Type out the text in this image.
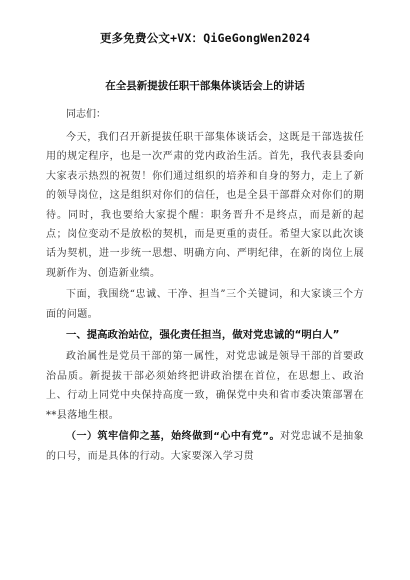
更多免费公文+VX：QiGeGongWen2024
在全县新提拔任职干部集体谈话会上的讲话
同志们：

今天，我们召开新提拔任职干部集体谈话会，这既是干部选拔任用的规定程序，也是一次严肃的党内政治生活。首先，我代表县委向大家表示热烈的祝贺！你们通过组织的培养和自身的努力，走上了新的领导岗位，这是组织对你们的信任，也是全县干部群众对你们的期待。同时，我也要给大家提个醒：职务晋升不是终点，而是新的起点；岗位变动不是放松的契机，而是更重的责任。希望大家以此次谈话为契机，进一步统一思想、明确方向、严明纪律，在新的岗位上展现新作为、创造新业绩。

下面，我围绕“忠诚、干净、担当”三个关键词，和大家谈三个方面的问题。

一、提高政治站位，强化责任担当，做对党忠诚的“明白人”

政治属性是党员干部的第一属性，对党忠诚是领导干部的首要政治品质。新提拔干部必须始终把讲政治摆在首位，在思想上、政治上、行动上同党中央保持高度一致，确保党中央和省市委决策部署在**县落地生根。

（一）筑牢信仰之基，始终做到“心中有党”。对党忠诚不是抽象的口号，而是具体的行动。大家要深入学习贯
